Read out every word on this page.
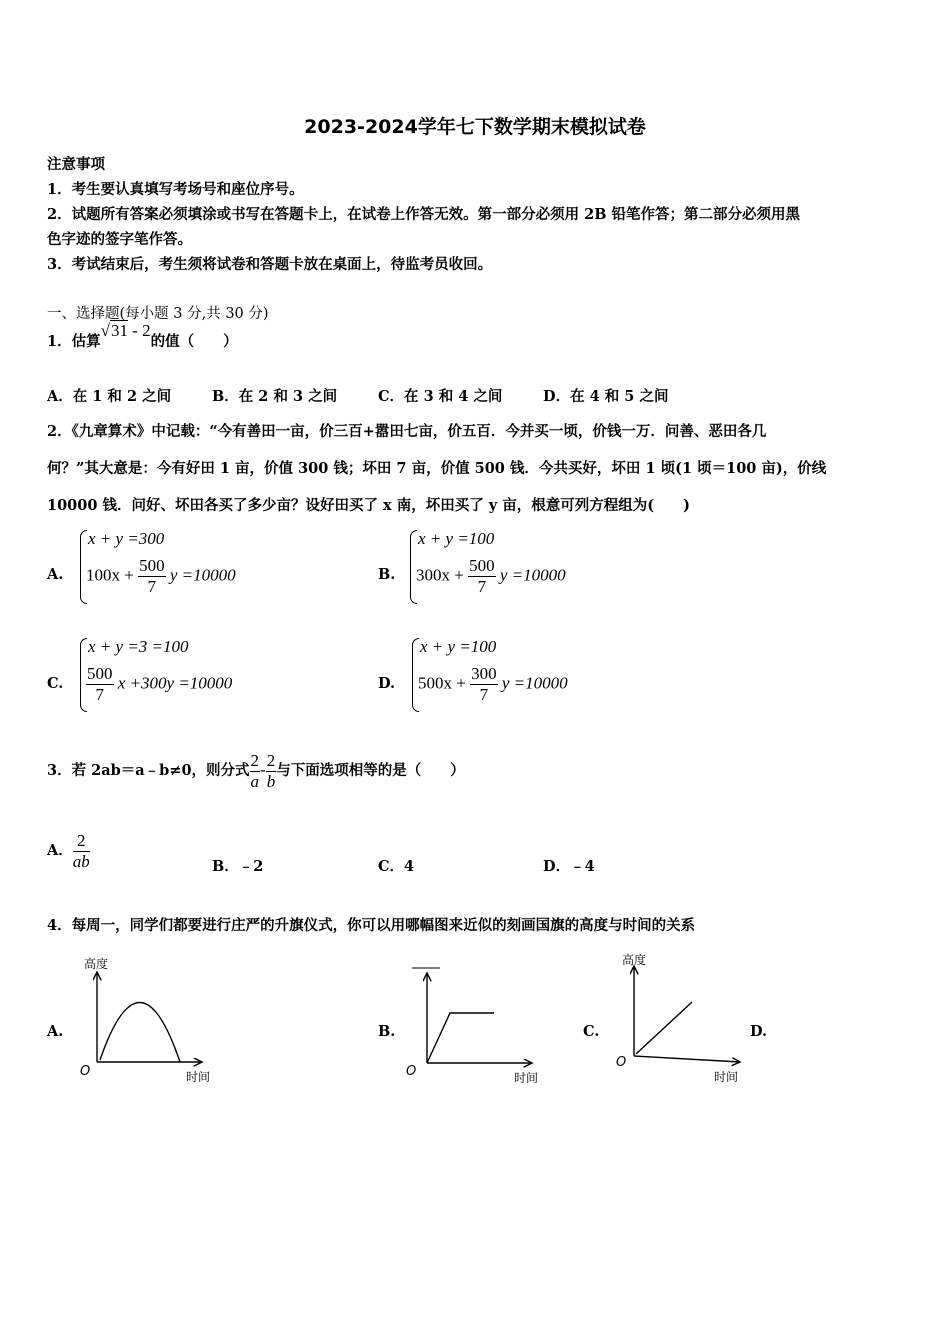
2023-2024学年七下数学期末模拟试卷
注意事项
1．考生要认真填写考场号和座位序号。
2．试题所有答案必须填涂或书写在答题卡上，在试卷上作答无效。第一部分必须用 2B 铅笔作答；第二部分必须用黑
色字迹的签字笔作答。
3．考试结束后，考生须将试卷和答题卡放在桌面上，待监考员收回。
一、选择题(每小题 3 分,共 30 分)
1．估算√31 - 2的值（　　）
A．在 1 和 2 之间	B．在 2 和 3 之间	C．在 3 和 4 之间	D．在 4 和 5 之间
2．《九章算术》中记载：“今有善田一亩，价三百+嚣田七亩，价五百．今并买一顷，价钱一万．问善、恶田各几
何？”其大意是：今有好田 1 亩，价值 300 钱；坏田 7 亩，价值 500 钱．今共买好，坏田 1 顷(1 顷＝100 亩)，价线
10000 钱．问好、坏田各买了多少亩？设好田买了 x 南，坏田买了 y 亩，根意可列方程组为(　　)
A.
x + y =300
$100x + \frac{500}{7}$ y =10000	B.
x + y =100
$300x + \frac{500}{7}$ y =10000
C.
x + y =3 =100
$\frac{500}{7}$ x +300y =10000	D.
x + y =100
$500x + \frac{300}{7}$ y =10000
3．若 2ab＝a﹣b≠0，则分式 $\frac{2}{a} - \frac{2}{b}$ 与下面选项相等的是（　　）
A． $\frac{2}{ab}$	B．﹣2	C．4	D．﹣4
4．每周一，同学们都要进行庄严的升旗仪式，你可以用哪幅图来近似的刻画国旗的高度与时间的关系
A.	B.	C.	D.
高度
时间
O	时间
O
高度
时间
O
